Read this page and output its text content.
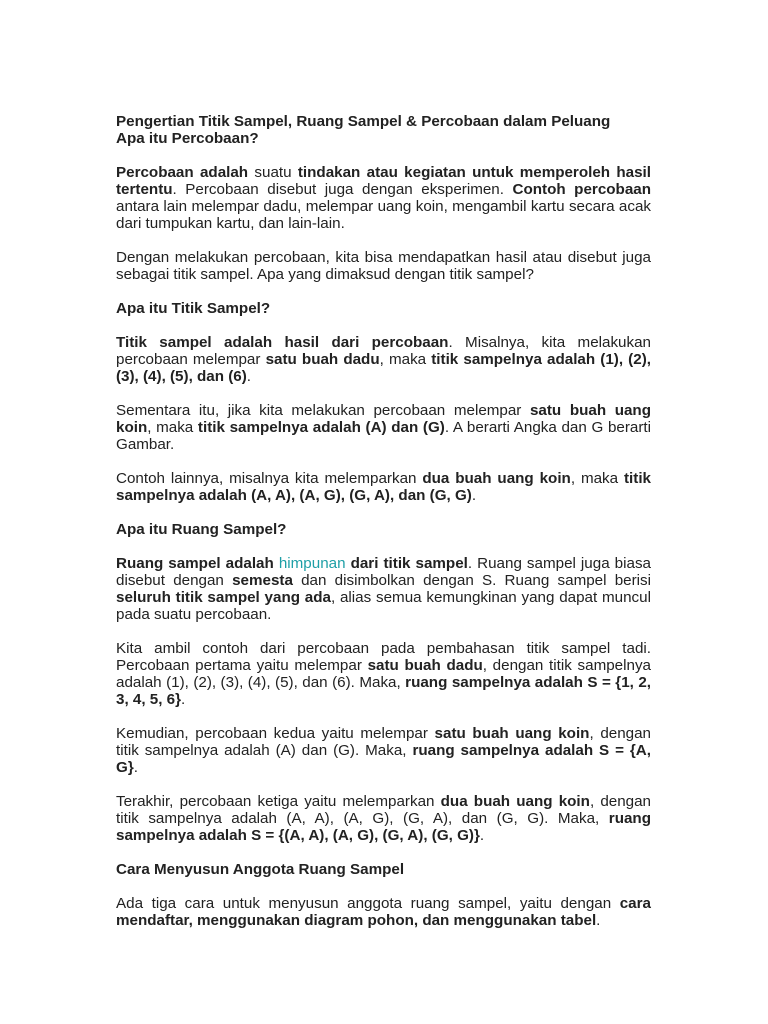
Pengertian Titik Sampel, Ruang Sampel & Percobaan dalam Peluang
Apa itu Percobaan?

Percobaan adalah suatu tindakan atau kegiatan untuk memperoleh hasil tertentu. Percobaan disebut juga dengan eksperimen. Contoh percobaan antara lain melempar dadu, melempar uang koin, mengambil kartu secara acak dari tumpukan kartu, dan lain-lain.

Dengan melakukan percobaan, kita bisa mendapatkan hasil atau disebut juga sebagai titik sampel. Apa yang dimaksud dengan titik sampel?

Apa itu Titik Sampel?

Titik sampel adalah hasil dari percobaan. Misalnya, kita melakukan percobaan melempar satu buah dadu, maka titik sampelnya adalah (1), (2), (3), (4), (5), dan (6).

Sementara itu, jika kita melakukan percobaan melempar satu buah uang koin, maka titik sampelnya adalah (A) dan (G). A berarti Angka dan G berarti Gambar.

Contoh lainnya, misalnya kita melemparkan dua buah uang koin, maka titik sampelnya adalah (A, A), (A, G), (G, A), dan (G, G).

Apa itu Ruang Sampel?

Ruang sampel adalah himpunan dari titik sampel. Ruang sampel juga biasa disebut dengan semesta dan disimbolkan dengan S. Ruang sampel berisi seluruh titik sampel yang ada, alias semua kemungkinan yang dapat muncul pada suatu percobaan.

Kita ambil contoh dari percobaan pada pembahasan titik sampel tadi. Percobaan pertama yaitu melempar satu buah dadu, dengan titik sampelnya adalah (1), (2), (3), (4), (5), dan (6). Maka, ruang sampelnya adalah S = {1, 2, 3, 4, 5, 6}.

Kemudian, percobaan kedua yaitu melempar satu buah uang koin, dengan titik sampelnya adalah (A) dan (G). Maka, ruang sampelnya adalah S = {A, G}.

Terakhir, percobaan ketiga yaitu melemparkan dua buah uang koin, dengan titik sampelnya adalah (A, A), (A, G), (G, A), dan (G, G). Maka, ruang sampelnya adalah S = {(A, A), (A, G), (G, A), (G, G)}.

Cara Menyusun Anggota Ruang Sampel

Ada tiga cara untuk menyusun anggota ruang sampel, yaitu dengan cara mendaftar, menggunakan diagram pohon, dan menggunakan tabel.
